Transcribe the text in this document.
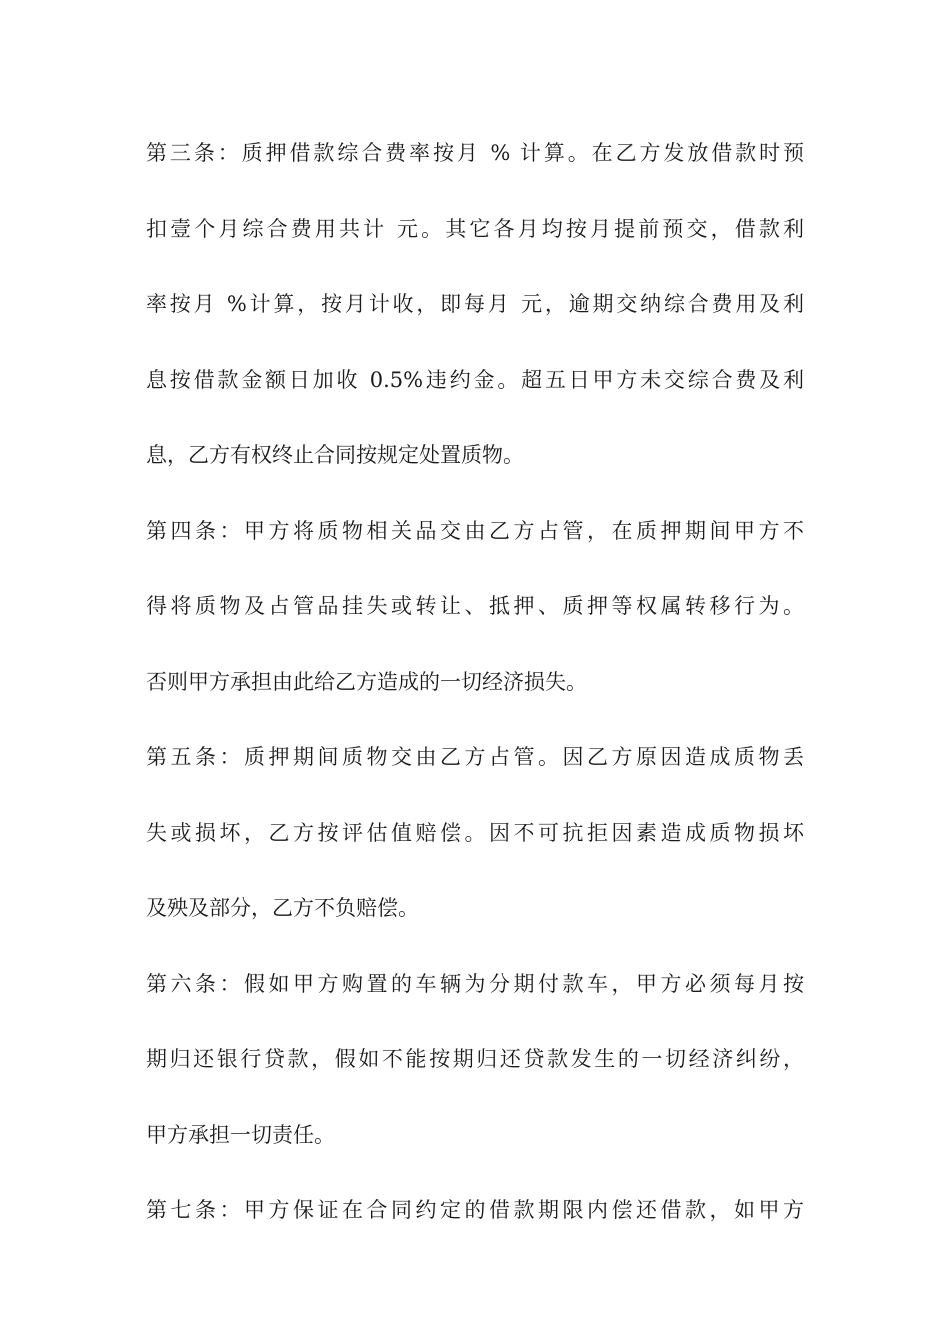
第三条：质押借款综合费率按月 % 计算。在乙方发放借款时预
扣壹个月综合费用共计 元。其它各月均按月提前预交，借款利
率按月 %计算，按月计收，即每月 元，逾期交纳综合费用及利
息按借款金额日加收 0.5%违约金。超五日甲方未交综合费及利
息，乙方有权终止合同按规定处置质物。
第四条：甲方将质物相关品交由乙方占管，在质押期间甲方不
得将质物及占管品挂失或转让、抵押、质押等权属转移行为。
否则甲方承担由此给乙方造成的一切经济损失。
第五条：质押期间质物交由乙方占管。因乙方原因造成质物丢
失或损坏，乙方按评估值赔偿。因不可抗拒因素造成质物损坏
及殃及部分，乙方不负赔偿。
第六条：假如甲方购置的车辆为分期付款车，甲方必须每月按
期归还银行贷款，假如不能按期归还贷款发生的一切经济纠纷，
甲方承担一切责任。
第七条：甲方保证在合同约定的借款期限内偿还借款，如甲方
